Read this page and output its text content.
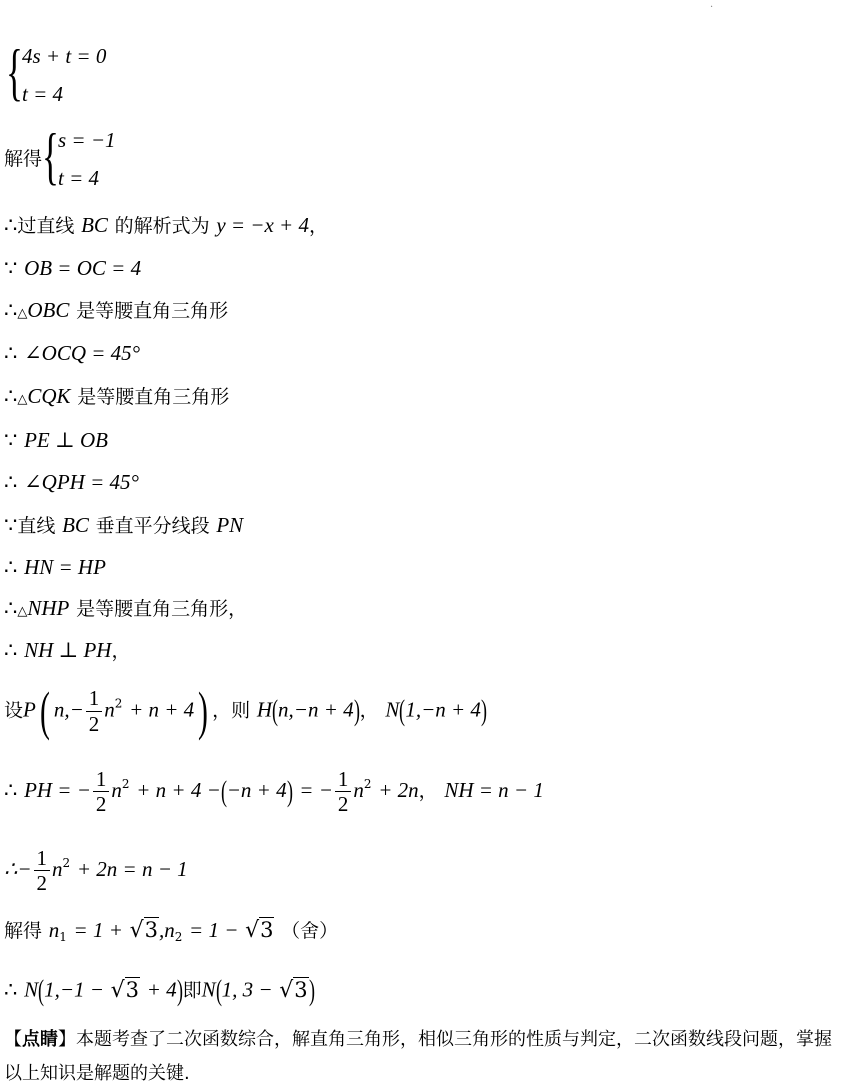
·
{ 4s + t = 0
t = 4
解得 { s = −1
t = 4
∴过直线 BC 的解析式为 y = −x + 4，
∵ OB = OC = 4
∴△OBC 是等腰直角三角形
∴ ∠OCQ = 45°
∴△CQK 是等腰直角三角形
∵ PE ⊥ OB
∴ ∠QPH = 45°
∵直线 BC 垂直平分线段 PN
∴ HN = HP
∴△NHP 是等腰直角三角形，
∴ NH ⊥ PH，
设P( $n,- \frac{1}{2} n^2 + n + 4$) ，则 H(n,−n + 4)， N(1,−n + 4)
∴ PH = − $\frac{1}{2} n^2 + n + 4 -(-n + 4)$ = − $\frac{1}{2} n^2 + 2n$， NH = n − 1
∴− $\frac{1}{2} n^2 + 2n = n - 1$
解得 $n_1 = 1 + √3,n_2 = 1 - √3$ （舍）
∴ N(1,−1 − √3 + 4)即N(1, 3 − √3)
【点睛】本题考查了二次函数综合，解直角三角形，相似三角形的性质与判定，二次函数线段问题，掌握以上知识是解题的关键.
